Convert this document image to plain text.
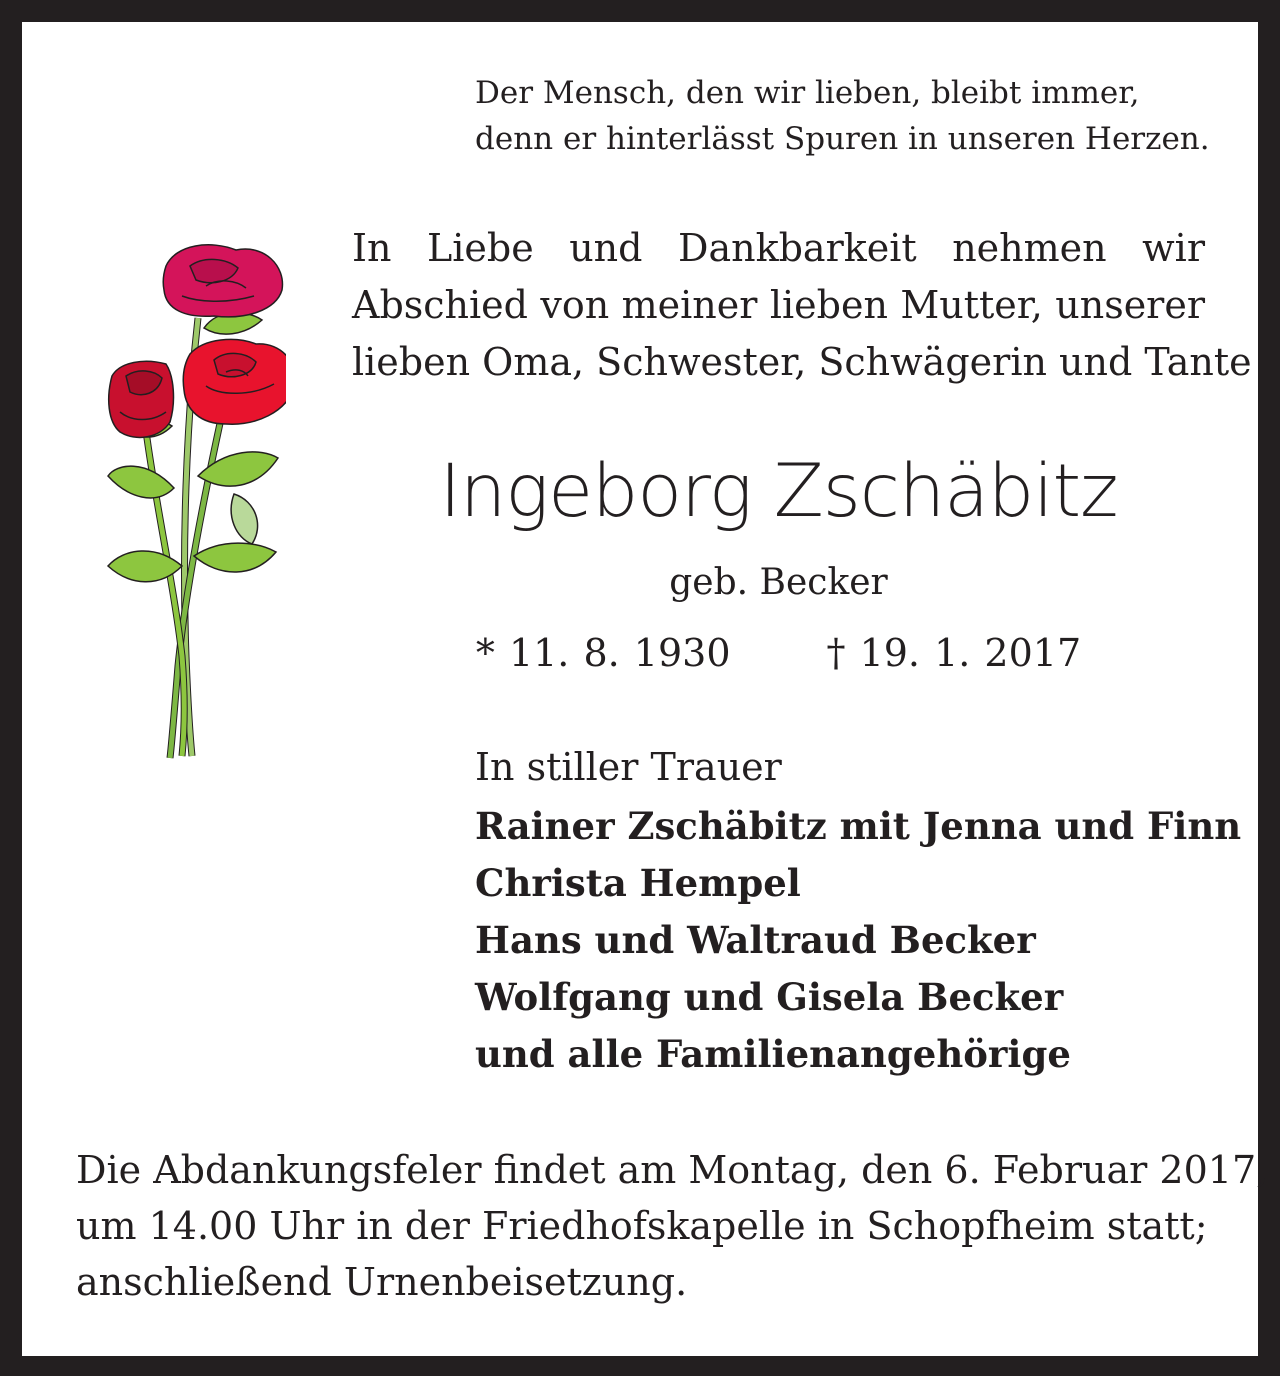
Der Mensch, den wir lieben, bleibt immer,
denn er hinterlässt Spuren in unseren Herzen.

In Liebe und Dankbarkeit nehmen wir
Abschied von meiner lieben Mutter, unserer
lieben Oma, Schwester, Schwägerin und Tante

Ingeborg Zschäbitz

geb. Becker

* 11. 8. 1930	† 19. 1. 2017

In stiller Trauer

Rainer Zschäbitz mit Jenna und Finn
Christa Hempel
Hans und Waltraud Becker
Wolfgang und Gisela Becker
und alle Familienangehörige

Die Abdankungsfeler findet am Montag, den 6. Februar 2017,
um 14.00 Uhr in der Friedhofskapelle in Schopfheim statt;
anschließend Urnenbeisetzung.
